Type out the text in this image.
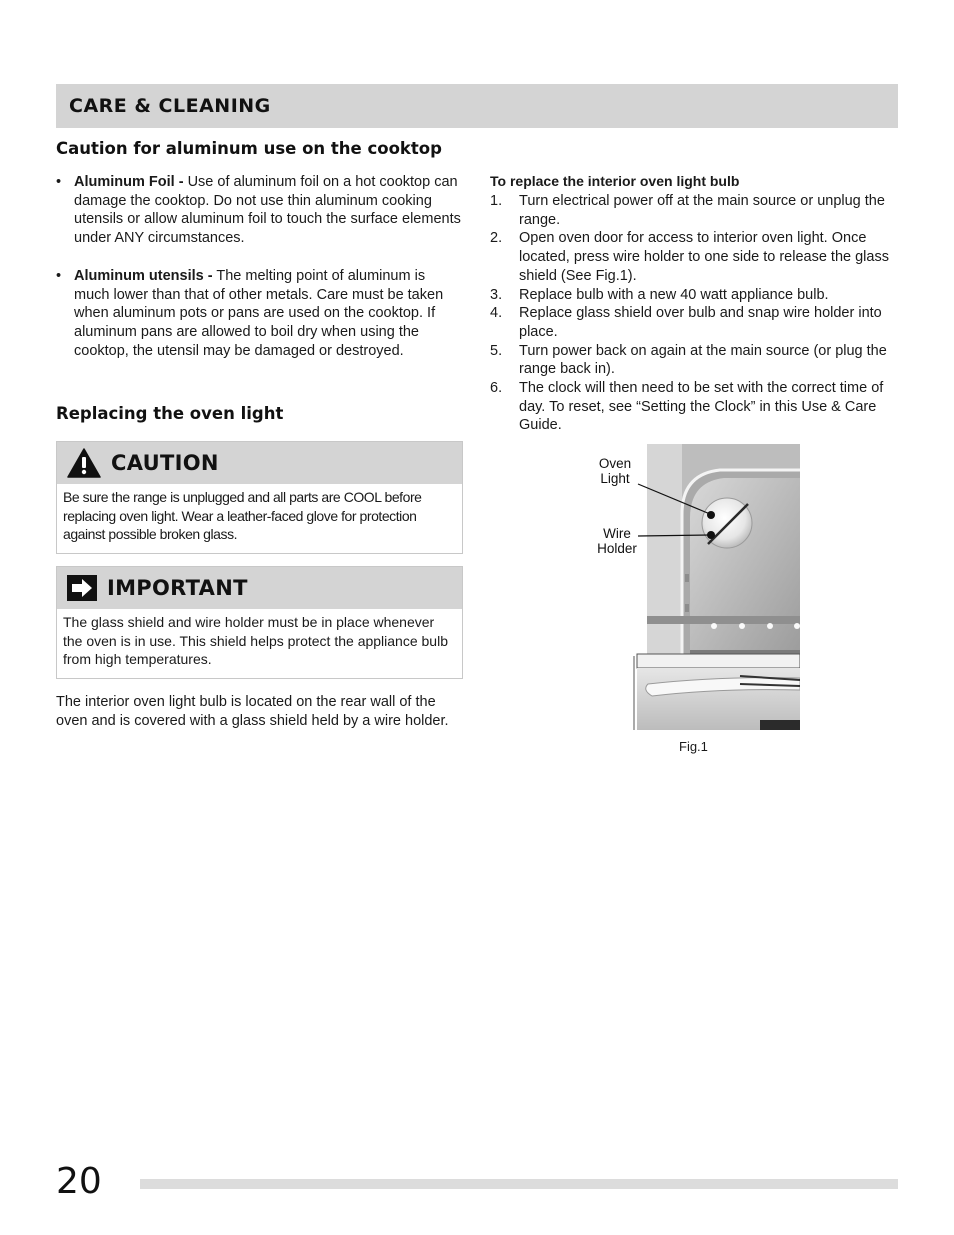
CARE & CLEANING
Caution for aluminum use on the cooktop
• Aluminum Foil - Use of aluminum foil on a hot cooktop can damage the cooktop. Do not use thin aluminum cooking utensils or allow aluminum foil to touch the surface elements under ANY circumstances.
• Aluminum utensils - The melting point of aluminum is much lower than that of other metals. Care must be taken when aluminum pots or pans are used on the cooktop. If aluminum pans are allowed to boil dry when using the cooktop, the utensil may be damaged or destroyed.
Replacing the oven light
CAUTION
Be sure the range is unplugged and all parts are COOL before replacing oven light. Wear a leather-faced glove for protection against possible broken glass.
IMPORTANT
The glass shield and wire holder must be in place whenever the oven is in use. This shield helps protect the appliance bulb from high temperatures.

The interior oven light bulb is located on the rear wall of the oven and is covered with a glass shield held by a wire holder.

To replace the interior oven light bulb

1. Turn electrical power off at the main source or unplug the range.
2. Open oven door for access to interior oven light. Once located, press wire holder to one side to release the glass shield (See Fig.1).
3. Replace bulb with a new 40 watt appliance bulb.
4. Replace glass shield over bulb and snap wire holder into place.
5. Turn power back on again at the main source (or plug the range back in).
6. The clock will then need to be set with the correct time of day. To reset, see “Setting the Clock” in this Use & Care Guide.
Oven
Light
Wire
Holder
Fig.1
20
